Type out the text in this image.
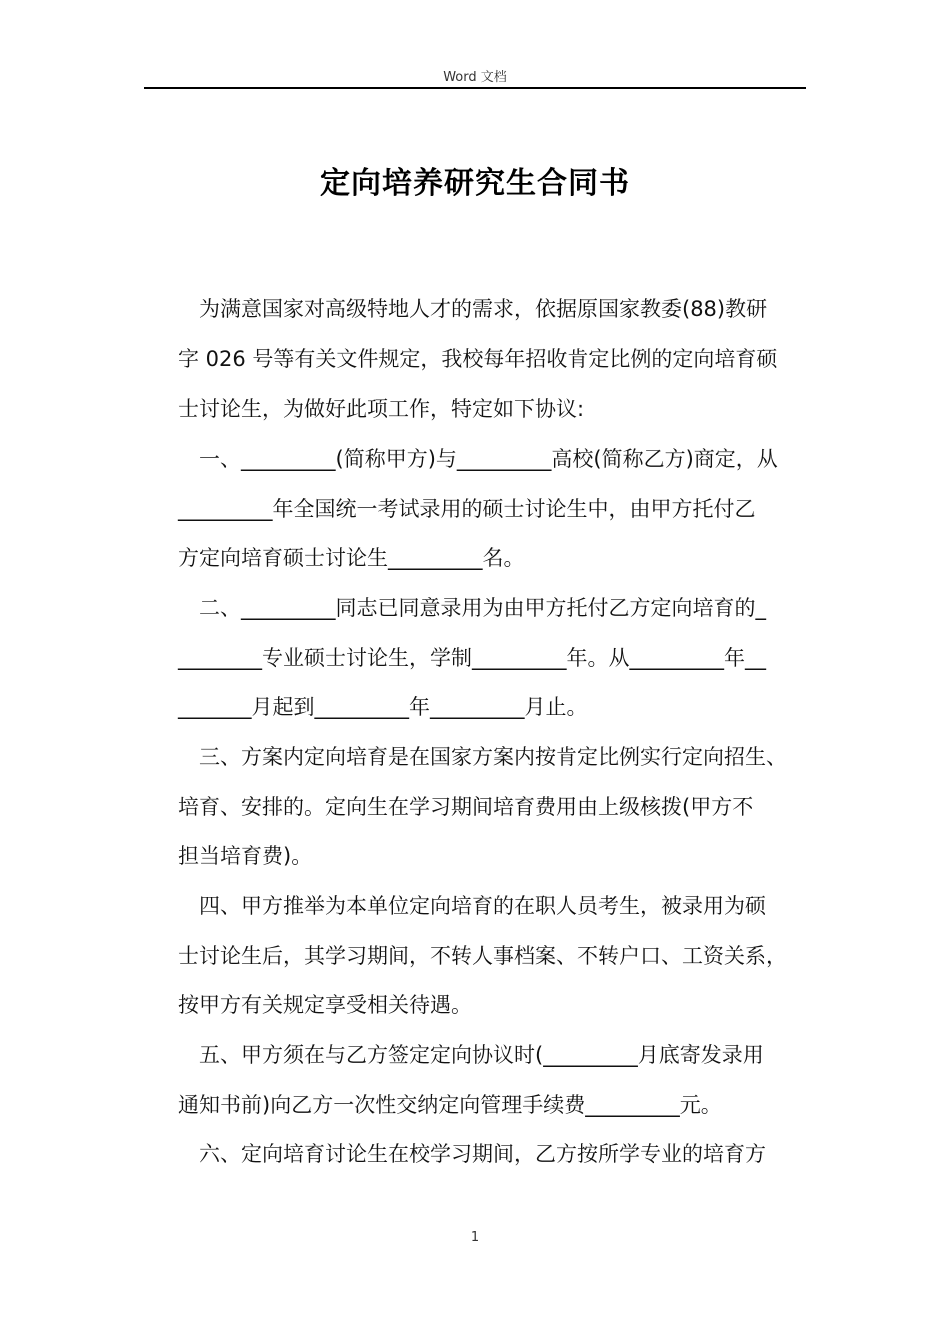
Word 文档
定向培养研究生合同书
　为满意国家对高级特地人才的需求，依据原国家教委(88)教研
字 026 号等有关文件规定，我校每年招收肯定比例的定向培育硕
士讨论生，为做好此项工作，特定如下协议:
　一、_________(简称甲方)与_________高校(简称乙方)商定，从
_________年全国统一考试录用的硕士讨论生中，由甲方托付乙
方定向培育硕士讨论生_________名。
　二、_________同志已同意录用为由甲方托付乙方定向培育的_
________专业硕士讨论生，学制_________年。从_________年__
_______月起到_________年_________月止。
　三、方案内定向培育是在国家方案内按肯定比例实行定向招生、
培育、安排的。定向生在学习期间培育费用由上级核拨(甲方不
担当培育费)。
　四、甲方推举为本单位定向培育的在职人员考生，被录用为硕
士讨论生后，其学习期间，不转人事档案、不转户口、工资关系，
按甲方有关规定享受相关待遇。
　五、甲方须在与乙方签定定向协议时(_________月底寄发录用
通知书前)向乙方一次性交纳定向管理手续费_________元。
　六、定向培育讨论生在校学习期间，乙方按所学专业的培育方
1
